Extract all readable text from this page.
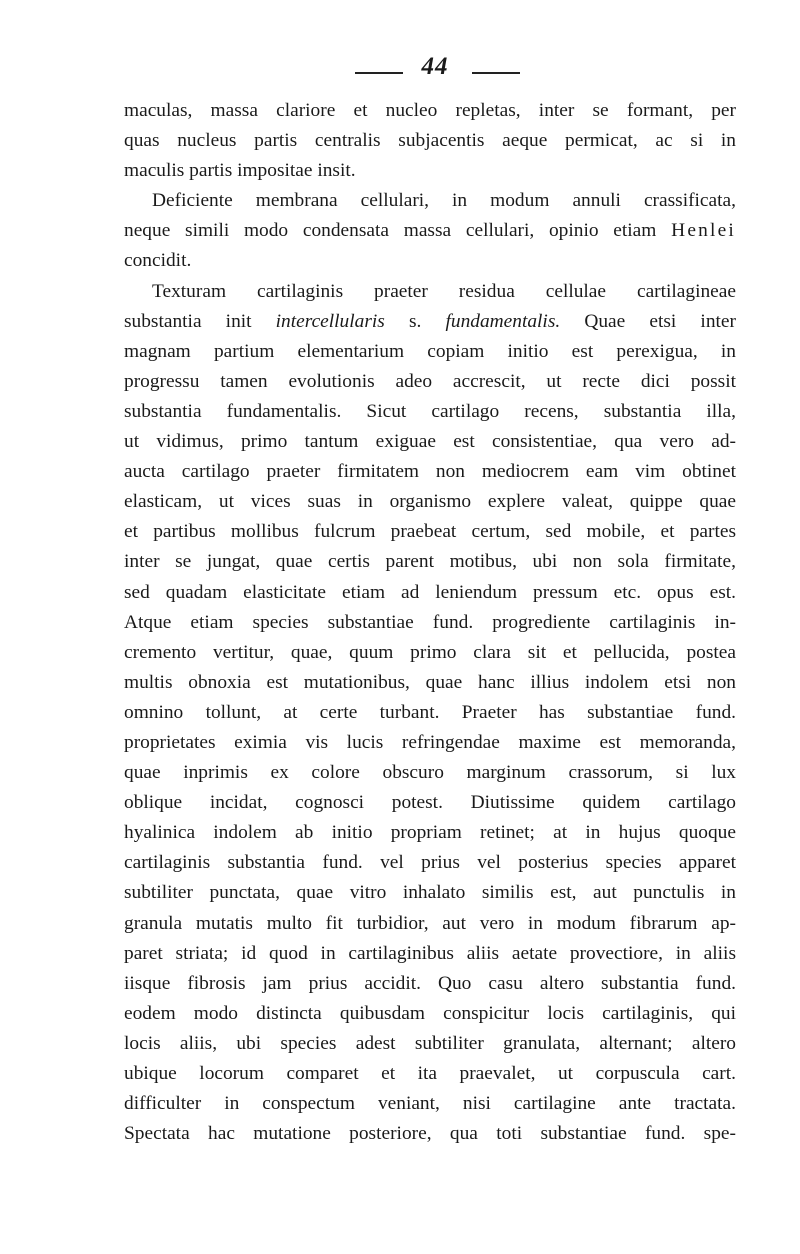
44
maculas, massa clariore et nucleo repletas, inter se formant, per
quas nucleus partis centralis subjacentis aeque permicat, ac si in
maculis partis impositae insit.
Deficiente membrana cellulari, in modum annuli crassificata,
neque simili modo condensata massa cellulari, opinio etiam Henlei
concidit.
Texturam cartilaginis praeter residua cellulae cartilagineae
substantia init intercellularis s. fundamentalis. Quae etsi inter
magnam partium elementarium copiam initio est perexigua, in
progressu tamen evolutionis adeo accrescit, ut recte dici possit
substantia fundamentalis. Sicut cartilago recens, substantia illa,
ut vidimus, primo tantum exiguae est consistentiae, qua vero ad-
aucta cartilago praeter firmitatem non mediocrem eam vim obtinet
elasticam, ut vices suas in organismo explere valeat, quippe quae
et partibus mollibus fulcrum praebeat certum, sed mobile, et partes
inter se jungat, quae certis parent motibus, ubi non sola firmitate,
sed quadam elasticitate etiam ad leniendum pressum etc. opus est.
Atque etiam species substantiae fund. progrediente cartilaginis in-
cremento vertitur, quae, quum primo clara sit et pellucida, postea
multis obnoxia est mutationibus, quae hanc illius indolem etsi non
omnino tollunt, at certe turbant. Praeter has substantiae fund.
proprietates eximia vis lucis refringendae maxime est memoranda,
quae inprimis ex colore obscuro marginum crassorum, si lux
oblique incidat, cognosci potest. Diutissime quidem cartilago
hyalinica indolem ab initio propriam retinet; at in hujus quoque
cartilaginis substantia fund. vel prius vel posterius species apparet
subtiliter punctata, quae vitro inhalato similis est, aut punctulis in
granula mutatis multo fit turbidior, aut vero in modum fibrarum ap-
paret striata; id quod in cartilaginibus aliis aetate provectiore, in aliis
iisque fibrosis jam prius accidit. Quo casu altero substantia fund.
eodem modo distincta quibusdam conspicitur locis cartilaginis, qui
locis aliis, ubi species adest subtiliter granulata, alternant; altero
ubique locorum comparet et ita praevalet, ut corpuscula cart.
difficulter in conspectum veniant, nisi cartilagine ante tractata.
Spectata hac mutatione posteriore, qua toti substantiae fund. spe-
